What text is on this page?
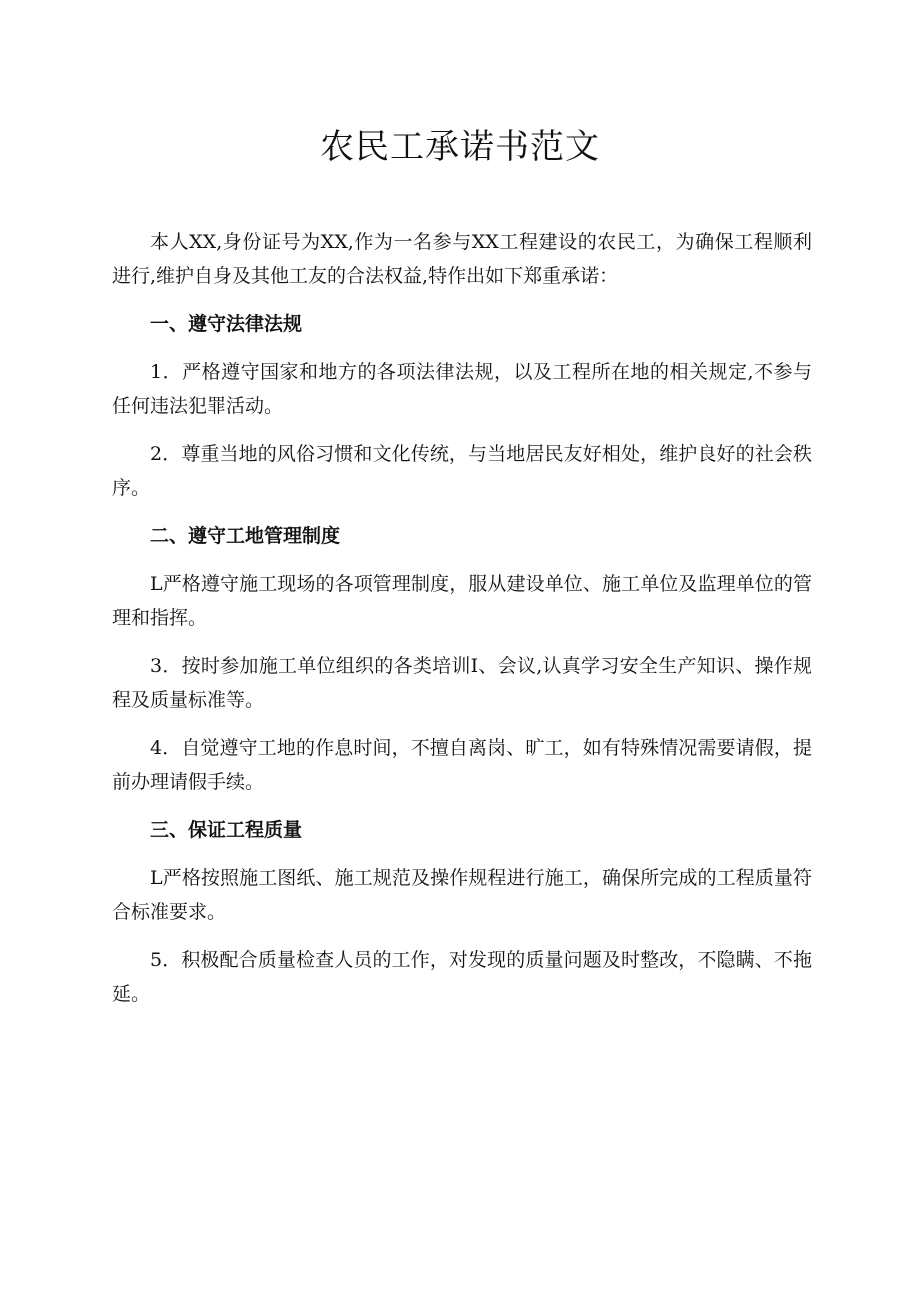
农民工承诺书范文

本人XX,身份证号为XX,作为一名参与XX工程建设的农民工，为确保工程顺利进行,维护自身及其他工友的合法权益,特作出如下郑重承诺：

一、遵守法律法规

1．严格遵守国家和地方的各项法律法规，以及工程所在地的相关规定,不参与任何违法犯罪活动。

2．尊重当地的风俗习惯和文化传统，与当地居民友好相处，维护良好的社会秩序。

二、遵守工地管理制度

L严格遵守施工现场的各项管理制度，服从建设单位、施工单位及监理单位的管理和指挥。

3．按时参加施工单位组织的各类培训I、会议,认真学习安全生产知识、操作规程及质量标准等。

4．自觉遵守工地的作息时间，不擅自离岗、旷工，如有特殊情况需要请假，提前办理请假手续。

三、保证工程质量

L严格按照施工图纸、施工规范及操作规程进行施工，确保所完成的工程质量符合标准要求。

5．积极配合质量检查人员的工作，对发现的质量问题及时整改，不隐瞒、不拖延。
